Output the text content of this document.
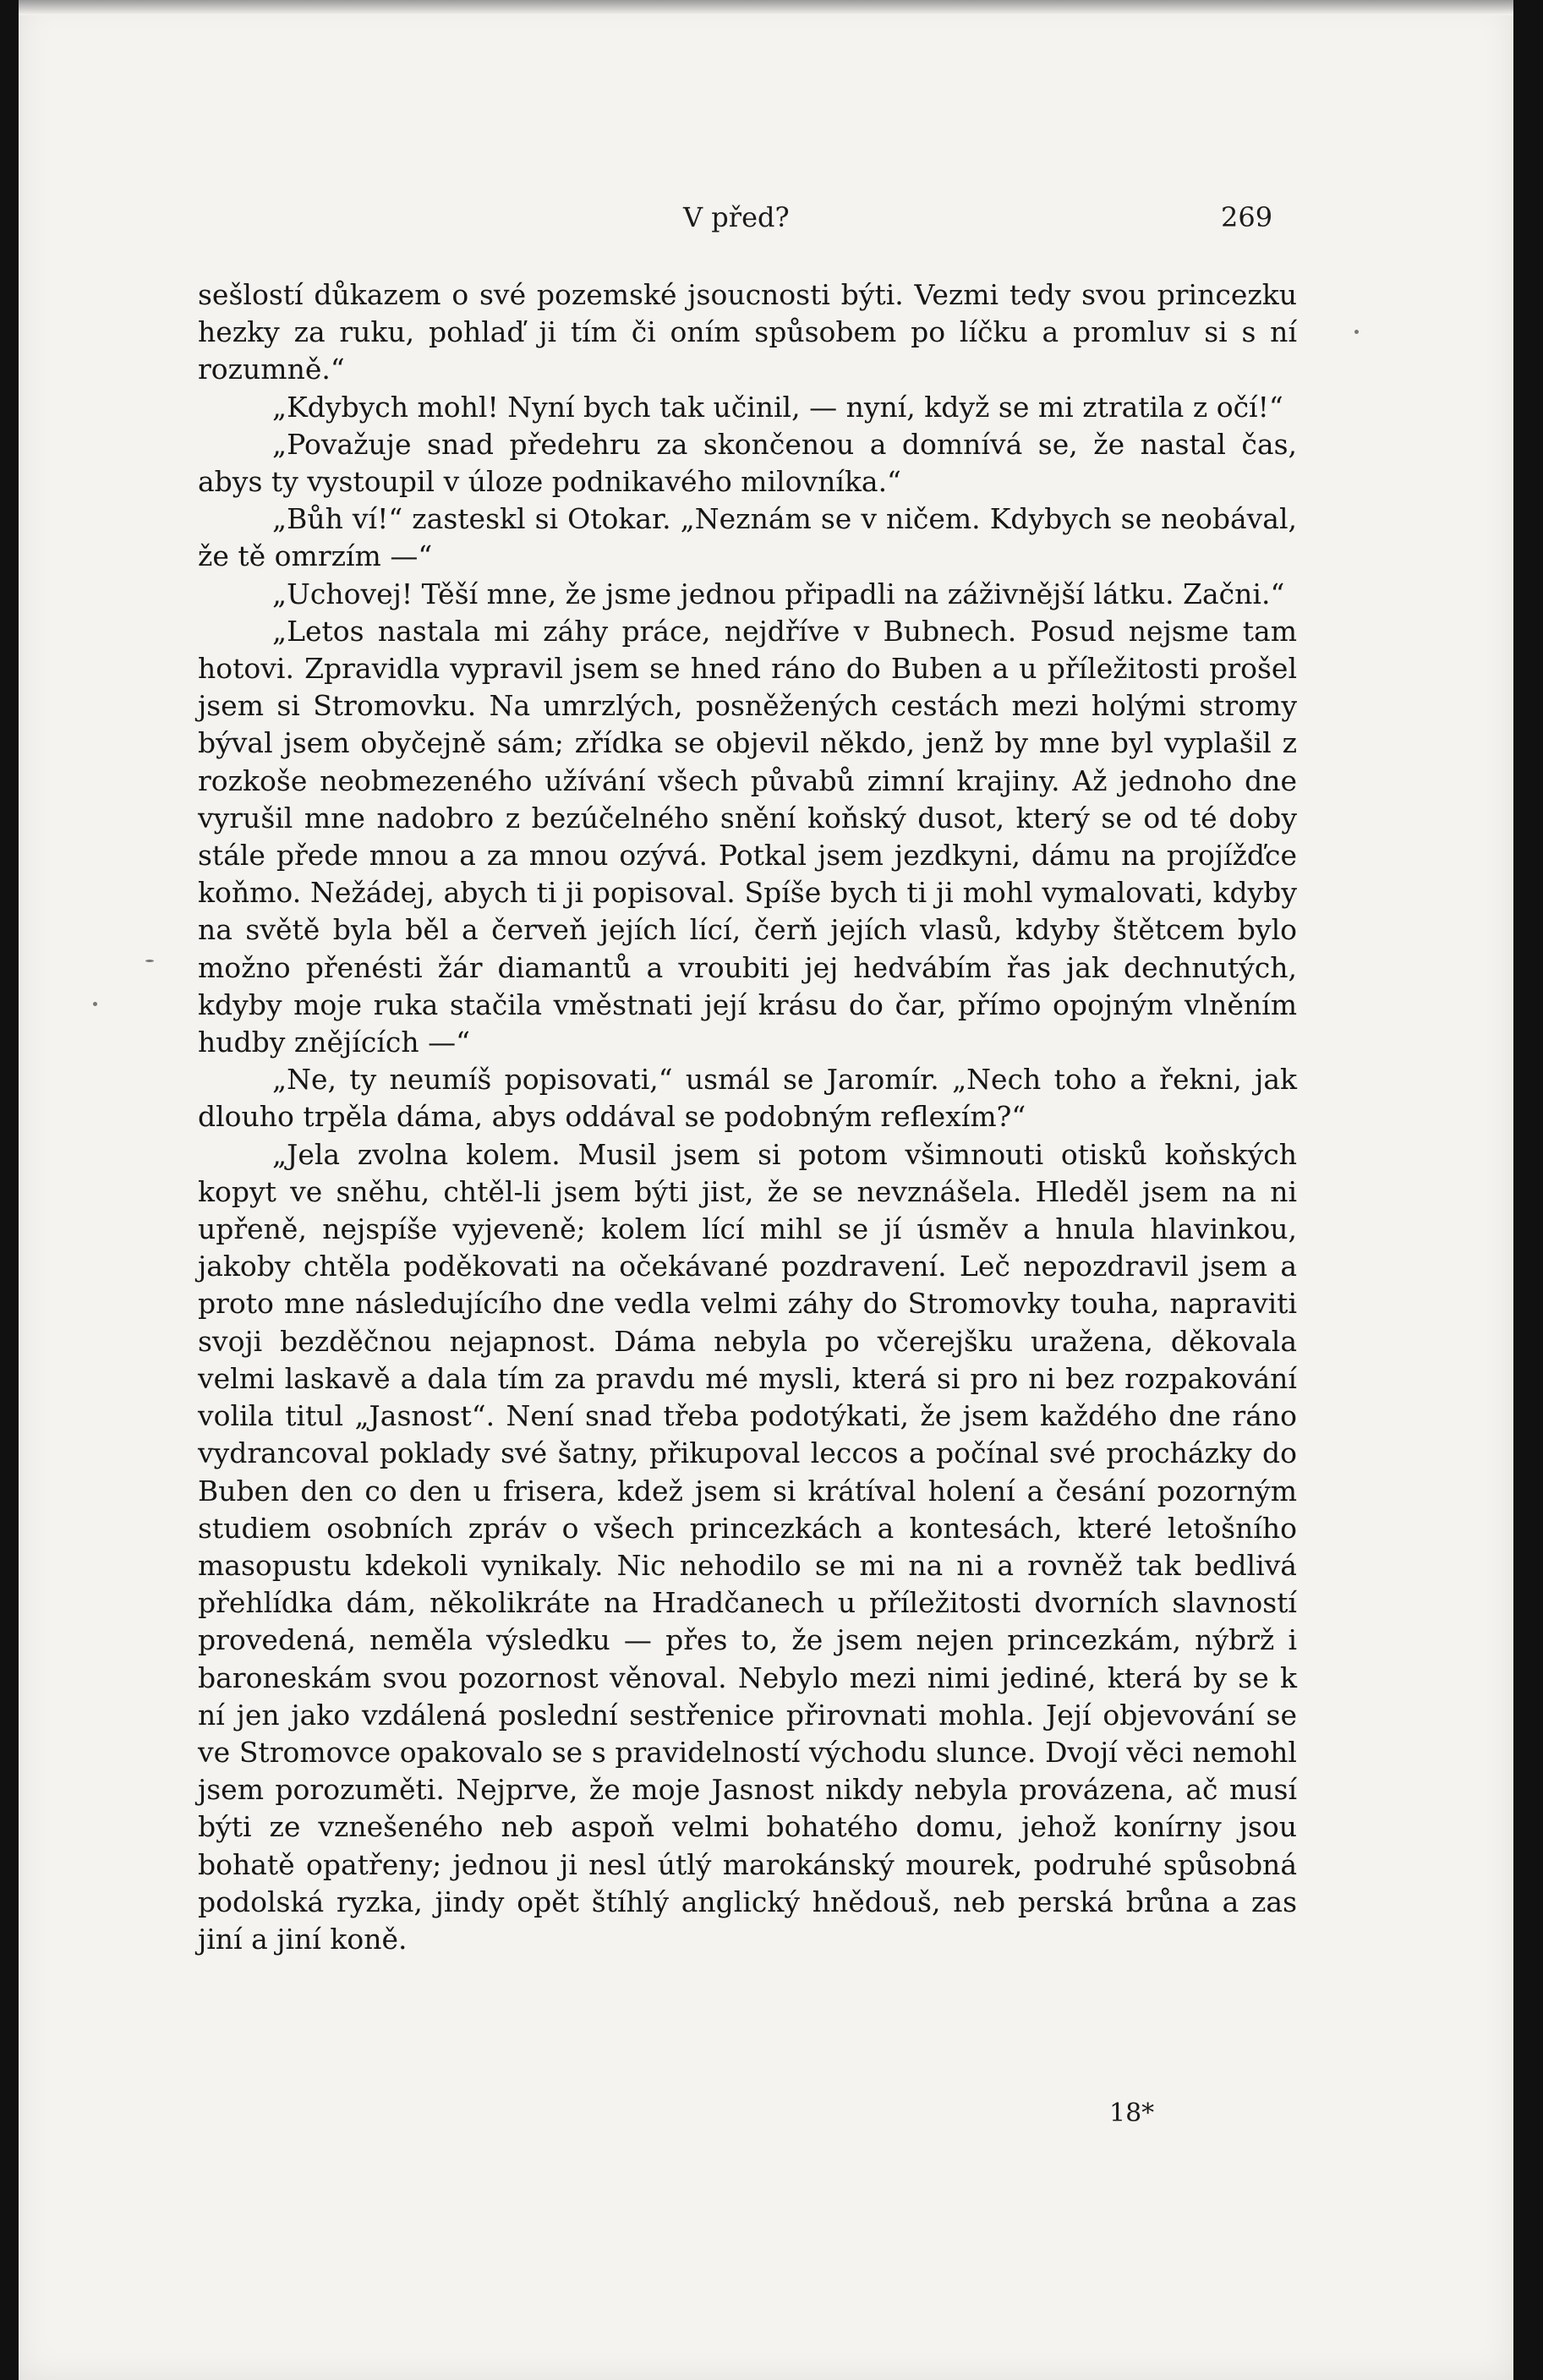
V před?	269

sešlostí důkazem o své pozemské jsoucnosti býti. Vezmi tedy svou princezku hezky za ruku, pohlaď ji tím či oním spůsobem po líčku a promluv si s ní rozumně.“

„Kdybych mohl! Nyní bych tak učinil, — nyní, když se mi ztratila z očí!“

„Považuje snad předehru za skončenou a domnívá se, že nastal čas, abys ty vystoupil v úloze podnikavého milovníka.“

„Bůh ví!“ zasteskl si Otokar. „Neznám se v ničem. Kdybych se neobával, že tě omrzím —“

„Uchovej! Těší mne, že jsme jednou připadli na záživnější látku. Začni.“

„Letos nastala mi záhy práce, nejdříve v Bubnech. Posud nejsme tam hotovi. Zpravidla vypravil jsem se hned ráno do Buben a u příležitosti prošel jsem si Stromovku. Na umrzlých, posněžených cestách mezi holými stromy býval jsem obyčejně sám; zřídka se objevil někdo, jenž by mne byl vyplašil z rozkoše neobmezeného užívání všech půvabů zimní krajiny. Až jednoho dne vyrušil mne nadobro z bezúčelného snění koňský dusot, který se od té doby stále přede mnou a za mnou ozývá. Potkal jsem jezdkyni, dámu na projížďce koňmo. Nežádej, abych ti ji popisoval. Spíše bych ti ji mohl vymalovati, kdyby na světě byla běl a červeň jejích lící, čerň jejích vlasů, kdyby štětcem bylo možno přenésti žár diamantů a vroubiti jej hedvábím řas jak dechnutých, kdyby moje ruka stačila vměstnati její krásu do čar, přímo opojným vlněním hudby znějících —“

„Ne, ty neumíš popisovati,“ usmál se Jaromír. „Nech toho a řekni, jak dlouho trpěla dáma, abys oddával se podobným reflexím?“

„Jela zvolna kolem. Musil jsem si potom všimnouti otisků koňských kopyt ve sněhu, chtěl-li jsem býti jist, že se nevznášela. Hleděl jsem na ni upřeně, nejspíše vyjeveně; kolem lící mihl se jí úsměv a hnula hlavinkou, jakoby chtěla poděkovati na očekávané pozdravení. Leč nepozdravil jsem a proto mne následujícího dne vedla velmi záhy do Stromovky touha, napraviti svoji bezděčnou nejapnost. Dáma nebyla po včerejšku uražena, děkovala velmi laskavě a dala tím za pravdu mé mysli, která si pro ni bez rozpakování volila titul „Jasnost“. Není snad třeba podotýkati, že jsem každého dne ráno vydrancoval poklady své šatny, přikupoval leccos a počínal své procházky do Buben den co den u frisera, kdež jsem si krátíval holení a česání pozorným studiem osobních zpráv o všech princezkách a kontesách, které letošního masopustu kdekoli vynikaly. Nic nehodilo se mi na ni a rovněž tak bedlivá přehlídka dám, několikráte na Hradčanech u příležitosti dvorních slavností provedená, neměla výsledku — přes to, že jsem nejen princezkám, nýbrž i baroneskám svou pozornost věnoval. Nebylo mezi nimi jediné, která by se k ní jen jako vzdálená poslední sestřenice přirovnati mohla. Její objevování se ve Stromovce opakovalo se s pravidelností východu slunce. Dvojí věci nemohl jsem porozuměti. Nejprve, že moje Jasnost nikdy nebyla provázena, ač musí býti ze vznešeného neb aspoň velmi bohatého domu, jehož konírny jsou bohatě opatřeny; jednou ji nesl útlý marokánský mourek, podruhé spůsobná podolská ryzka, jindy opět štíhlý anglický hnědouš, neb perská brůna a zas jiní a jiní koně.

18*
